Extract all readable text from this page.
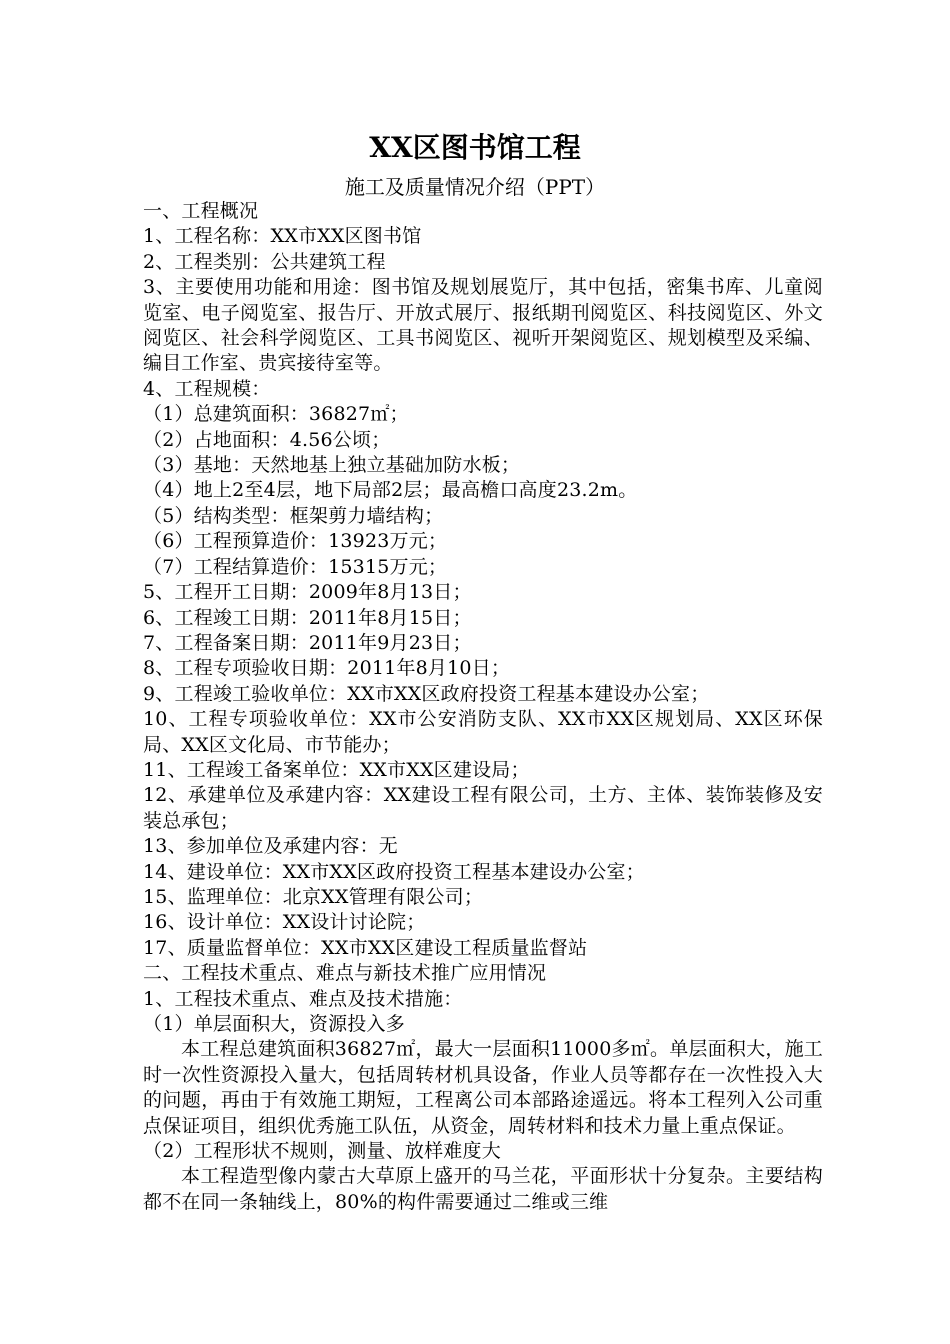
XX区图书馆工程
施工及质量情况介绍（PPT）

一、工程概况

1、工程名称：XX市XX区图书馆

2、工程类别：公共建筑工程

3、主要使用功能和用途：图书馆及规划展览厅，其中包括，密集书库、儿童阅览室、电子阅览室、报告厅、开放式展厅、报纸期刊阅览区、科技阅览区、外文阅览区、社会科学阅览区、工具书阅览区、视听开架阅览区、规划模型及采编、编目工作室、贵宾接待室等。

4、工程规模：

（1）总建筑面积：36827㎡；

（2）占地面积：4.56公顷；

（3）基地：天然地基上独立基础加防水板；

（4）地上2至4层，地下局部2层；最高檐口高度23.2m。

（5）结构类型：框架剪力墙结构；

（6）工程预算造价：13923万元；

（7）工程结算造价：15315万元；

5、工程开工日期：2009年8月13日；

6、工程竣工日期：2011年8月15日；

7、工程备案日期：2011年9月23日；

8、工程专项验收日期：2011年8月10日；

9、工程竣工验收单位：XX市XX区政府投资工程基本建设办公室；

10、工程专项验收单位：XX市公安消防支队、XX市XX区规划局、XX区环保局、XX区文化局、市节能办；

11、工程竣工备案单位：XX市XX区建设局；

12、承建单位及承建内容：XX建设工程有限公司，土方、主体、装饰装修及安装总承包；

13、参加单位及承建内容：无

14、建设单位：XX市XX区政府投资工程基本建设办公室；

15、监理单位：北京XX管理有限公司；

16、设计单位：XX设计讨论院；

17、质量监督单位：XX市XX区建设工程质量监督站

二、工程技术重点、难点与新技术推广应用情况

1、工程技术重点、难点及技术措施：

（1）单层面积大，资源投入多

本工程总建筑面积36827㎡，最大一层面积11000多㎡。单层面积大，施工时一次性资源投入量大，包括周转材机具设备，作业人员等都存在一次性投入大的问题，再由于有效施工期短，工程离公司本部路途遥远。将本工程列入公司重点保证项目，组织优秀施工队伍，从资金，周转材料和技术力量上重点保证。

（2）工程形状不规则，测量、放样难度大

本工程造型像内蒙古大草原上盛开的马兰花，平面形状十分复杂。主要结构都不在同一条轴线上，80%的构件需要通过二维或三维
